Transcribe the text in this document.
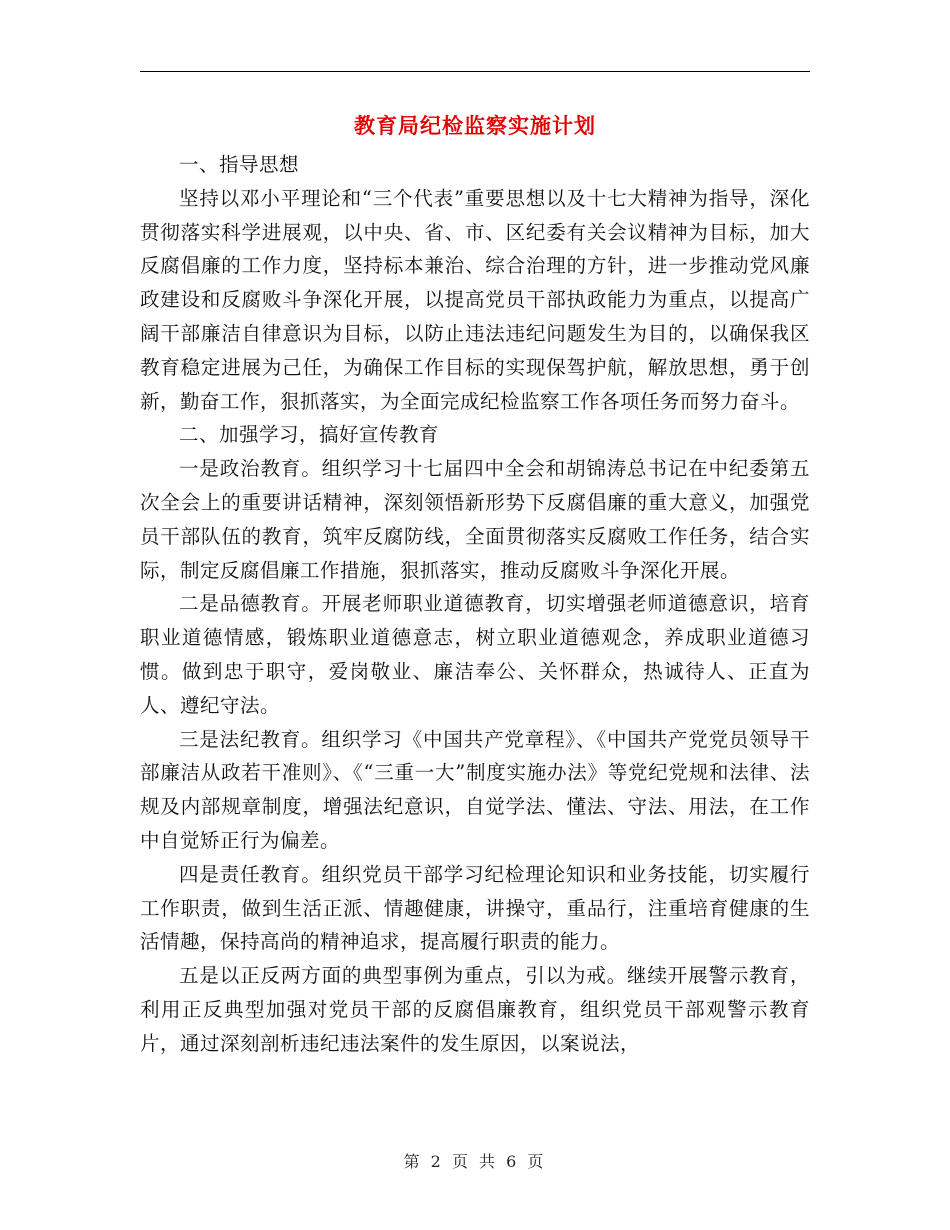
教育局纪检监察实施计划

一、指导思想

坚持以邓小平理论和“三个代表”重要思想以及十七大精神为指导，深化贯彻落实科学进展观，以中央、省、市、区纪委有关会议精神为目标，加大反腐倡廉的工作力度，坚持标本兼治、综合治理的方针，进一步推动党风廉政建设和反腐败斗争深化开展，以提高党员干部执政能力为重点，以提高广阔干部廉洁自律意识为目标，以防止违法违纪问题发生为目的，以确保我区教育稳定进展为己任，为确保工作目标的实现保驾护航，解放思想，勇于创新，勤奋工作，狠抓落实，为全面完成纪检监察工作各项任务而努力奋斗。

二、加强学习，搞好宣传教育

一是政治教育。组织学习十七届四中全会和胡锦涛总书记在中纪委第五次全会上的重要讲话精神，深刻领悟新形势下反腐倡廉的重大意义，加强党员干部队伍的教育，筑牢反腐防线，全面贯彻落实反腐败工作任务，结合实际，制定反腐倡廉工作措施，狠抓落实，推动反腐败斗争深化开展。

二是品德教育。开展老师职业道德教育，切实增强老师道德意识，培育职业道德情感，锻炼职业道德意志，树立职业道德观念，养成职业道德习惯。做到忠于职守，爱岗敬业、廉洁奉公、关怀群众，热诚待人、正直为人、遵纪守法。

三是法纪教育。组织学习《中国共产党章程》、《中国共产党党员领导干部廉洁从政若干准则》、《“三重一大”制度实施办法》等党纪党规和法律、法规及内部规章制度，增强法纪意识，自觉学法、懂法、守法、用法，在工作中自觉矫正行为偏差。

四是责任教育。组织党员干部学习纪检理论知识和业务技能，切实履行工作职责，做到生活正派、情趣健康，讲操守，重品行，注重培育健康的生活情趣，保持高尚的精神追求，提高履行职责的能力。

五是以正反两方面的典型事例为重点，引以为戒。继续开展警示教育，利用正反典型加强对党员干部的反腐倡廉教育，组织党员干部观警示教育片，通过深刻剖析违纪违法案件的发生原因，以案说法，

第 2 页 共 6 页
